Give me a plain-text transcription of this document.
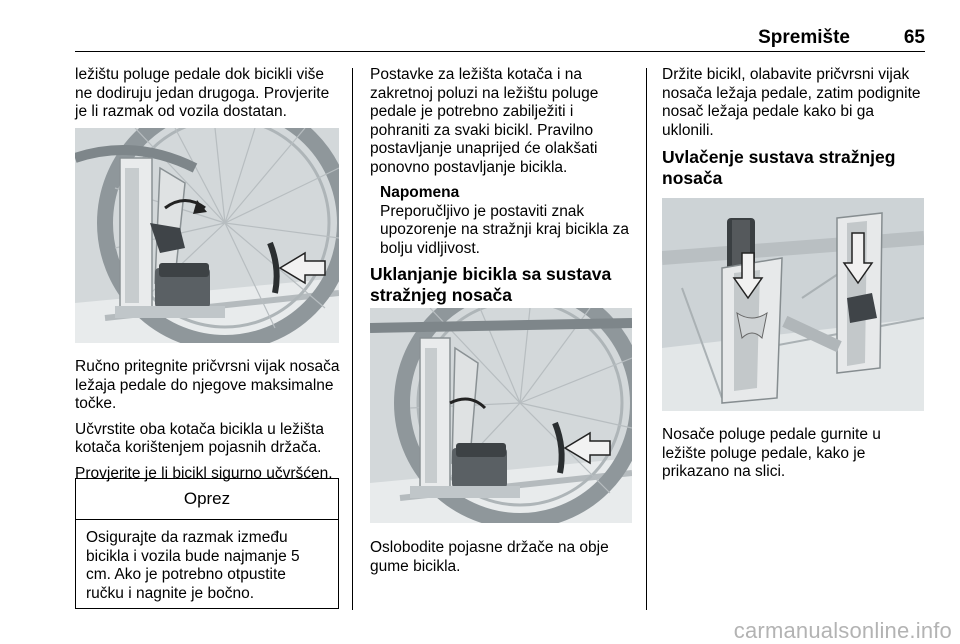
Spremište	65

ležištu poluge pedale dok bicikli više ne dodiruju jedan drugoga. Provjerite je li razmak od vozila dostatan.

Ručno pritegnite pričvrsni vijak nosača ležaja pedale do njegove maksimalne točke.

Učvrstite oba kotača bicikla u ležišta kotača korištenjem pojasnih držača.

Provjerite je li bicikl sigurno učvršćen.

Oprez
Osigurajte da razmak između bicikla i vozila bude najmanje 5 cm. Ako je potrebno otpustite ručku i nagnite je bočno.

Postavke za ležišta kotača i na zakretnoj poluzi na ležištu poluge pedale je potrebno zabilježiti i pohraniti za svaki bicikl. Pravilno postavljanje unaprijed će olakšati ponovno postavljanje bicikla.

Napomena
Preporučljivo je postaviti znak upozorenje na stražnji kraj bicikla za bolju vidljivost.
Uklanjanje bicikla sa sustava stražnjeg nosača

Oslobodite pojasne držače na obje gume bicikla.

Držite bicikl, olabavite pričvrsni vijak nosača ležaja pedale, zatim podignite nosač ležaja pedale kako bi ga uklonili.

Uvlačenje sustava stražnjeg nosača

Nosače poluge pedale gurnite u ležište poluge pedale, kako je prikazano na slici.

carmanualsonline.info
